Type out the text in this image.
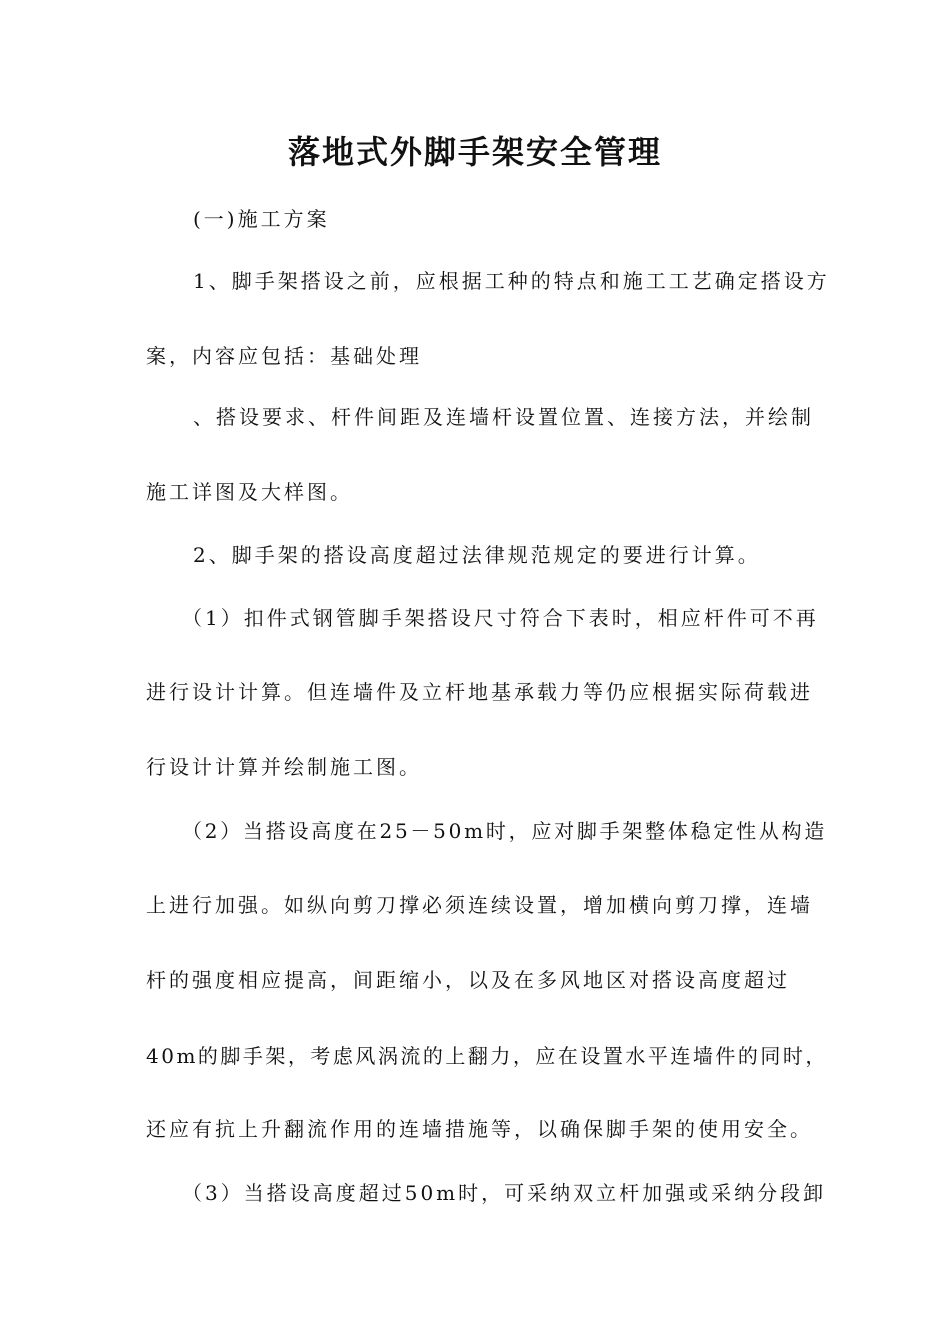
落地式外脚手架安全管理
(一)施工方案
1、脚手架搭设之前，应根据工种的特点和施工工艺确定搭设方
案，内容应包括：基础处理
、搭设要求、杆件间距及连墙杆设置位置、连接方法，并绘制
施工详图及大样图。
2、脚手架的搭设高度超过法律规范规定的要进行计算。
（1）扣件式钢管脚手架搭设尺寸符合下表时，相应杆件可不再
进行设计计算。但连墙件及立杆地基承载力等仍应根据实际荷载进
行设计计算并绘制施工图。
（2）当搭设高度在25－50m时，应对脚手架整体稳定性从构造
上进行加强。如纵向剪刀撑必须连续设置，增加横向剪刀撑，连墙
杆的强度相应提高，间距缩小，以及在多风地区对搭设高度超过
40m的脚手架，考虑风涡流的上翻力，应在设置水平连墙件的同时，
还应有抗上升翻流作用的连墙措施等，以确保脚手架的使用安全。
（3）当搭设高度超过50m时，可采纳双立杆加强或采纳分段卸
